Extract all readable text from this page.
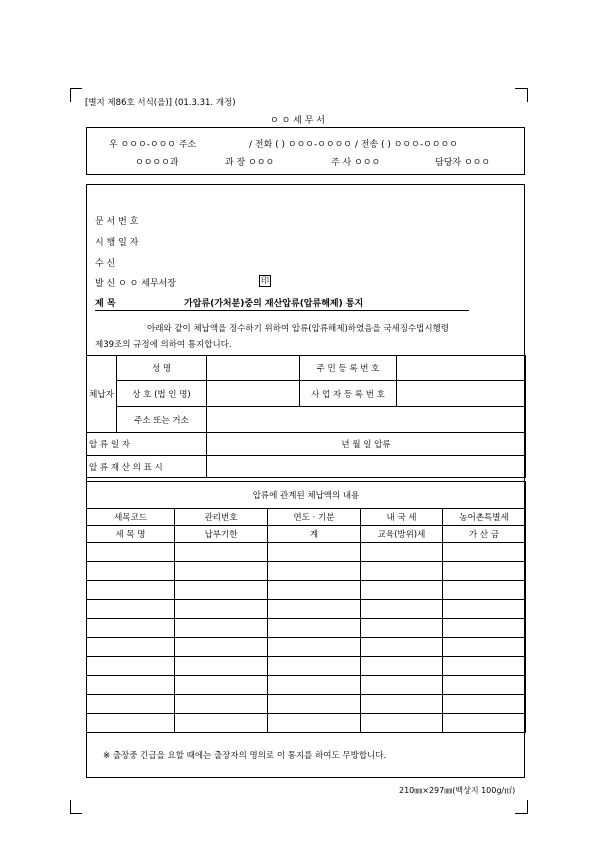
[별지 제86호 서식(을)] (01.3.31. 개정)
ㅇ ㅇ 세 무 서
우 ㅇㅇㅇ-ㅇㅇㅇ 주소	/ 전화 ( ) ㅇㅇㅇ-ㅇㅇㅇㅇ / 전송 ( ) ㅇㅇㅇ-ㅇㅇㅇㅇ
ㅇㅇㅇㅇ과	과 장 ㅇㅇㅇ	주 사 ㅇㅇㅇ	담당자 ㅇㅇㅇ
문 서 번 호
시 행 일 자
수 신
발 신 ㅇ ㅇ 세무서장	印
제 목	가압류(가처분)중의 재산압류(압류해제) 통지
아래와 같이 체납액을 징수하기 위하여 압류(압류해제)하였음을 국세징수법시행령
제39조의 규정에 의하여 통지합니다.
체납자	성 명		주 민 등 록 번 호	
	상 호 (법 인 명)		사 업 자 등 록 번 호	
	주소 또는 거소			
압 류 일 자		년 월 일 압류		
압 류 재 산 의 표 시				
압류에 관계된 체납액의 내용				
세목코드	관리번호	연도 · 기분	내 국 세	농어촌특별세
세 목 명	납부기한	계	교육(방위)세	가 산 금

※ 출장중 긴급을 요할 때에는 출장자의 명의로 이 통지를 하여도 무방합니다.
210㎜×297㎜(백상지 100g/㎡)
